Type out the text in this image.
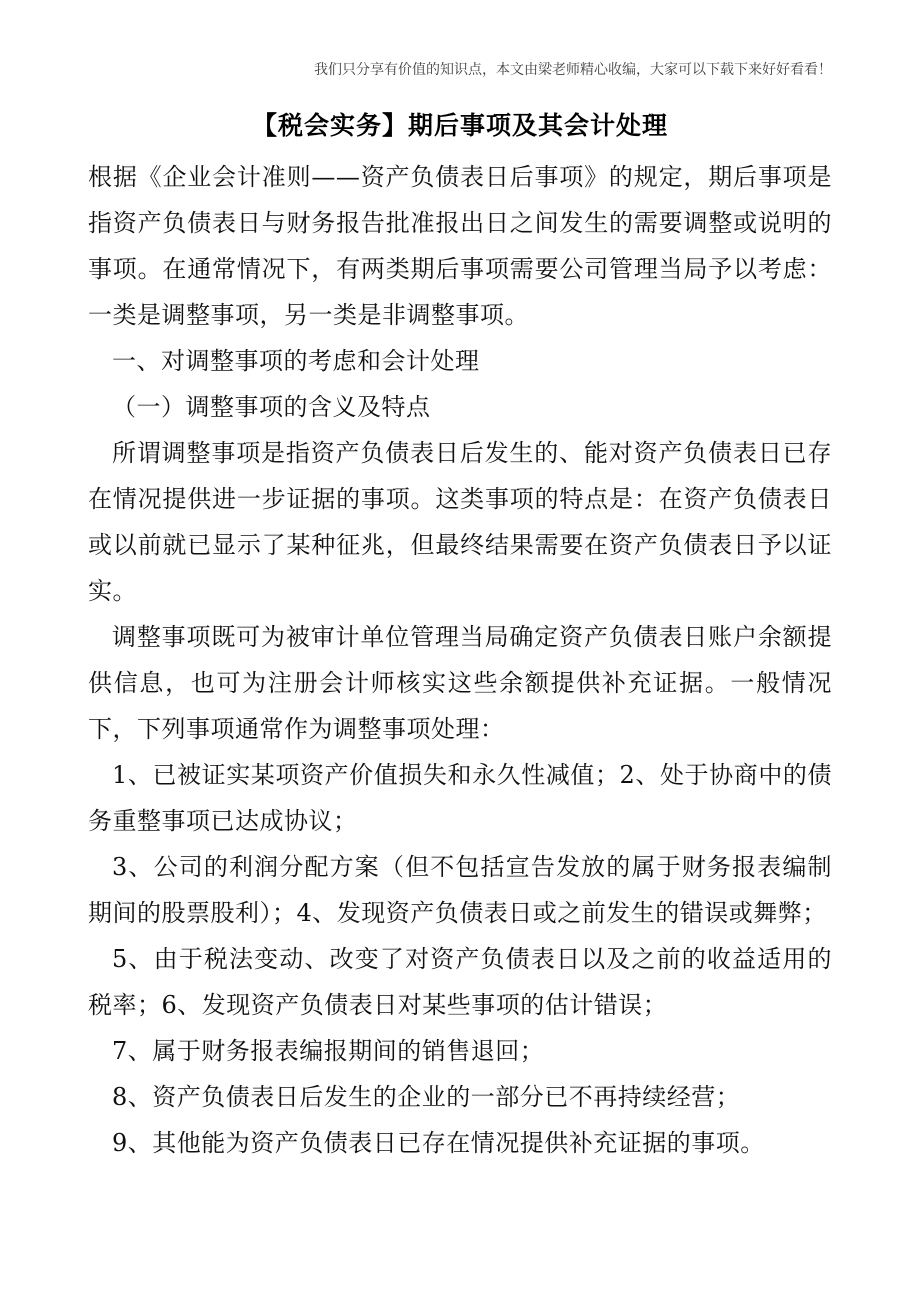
我们只分享有价值的知识点，本文由梁老师精心收编，大家可以下载下来好好看看！
【税会实务】期后事项及其会计处理

根据《企业会计准则——资产负债表日后事项》的规定，期后事项是指资产负债表日与财务报告批准报出日之间发生的需要调整或说明的事项。在通常情况下，有两类期后事项需要公司管理当局予以考虑：一类是调整事项，另一类是非调整事项。

一、对调整事项的考虑和会计处理

（一）调整事项的含义及特点

所谓调整事项是指资产负债表日后发生的、能对资产负债表日已存在情况提供进一步证据的事项。这类事项的特点是：在资产负债表日或以前就已显示了某种征兆，但最终结果需要在资产负债表日予以证实。

调整事项既可为被审计单位管理当局确定资产负债表日账户余额提供信息，也可为注册会计师核实这些余额提供补充证据。一般情况下，下列事项通常作为调整事项处理：

1、已被证实某项资产价值损失和永久性减值；2、处于协商中的债务重整事项已达成协议；

3、公司的利润分配方案（但不包括宣告发放的属于财务报表编制期间的股票股利）；4、发现资产负债表日或之前发生的错误或舞弊；

5、由于税法变动、改变了对资产负债表日以及之前的收益适用的税率；6、发现资产负债表日对某些事项的估计错误；

7、属于财务报表编报期间的销售退回；

8、资产负债表日后发生的企业的一部分已不再持续经营；

9、其他能为资产负债表日已存在情况提供补充证据的事项。
